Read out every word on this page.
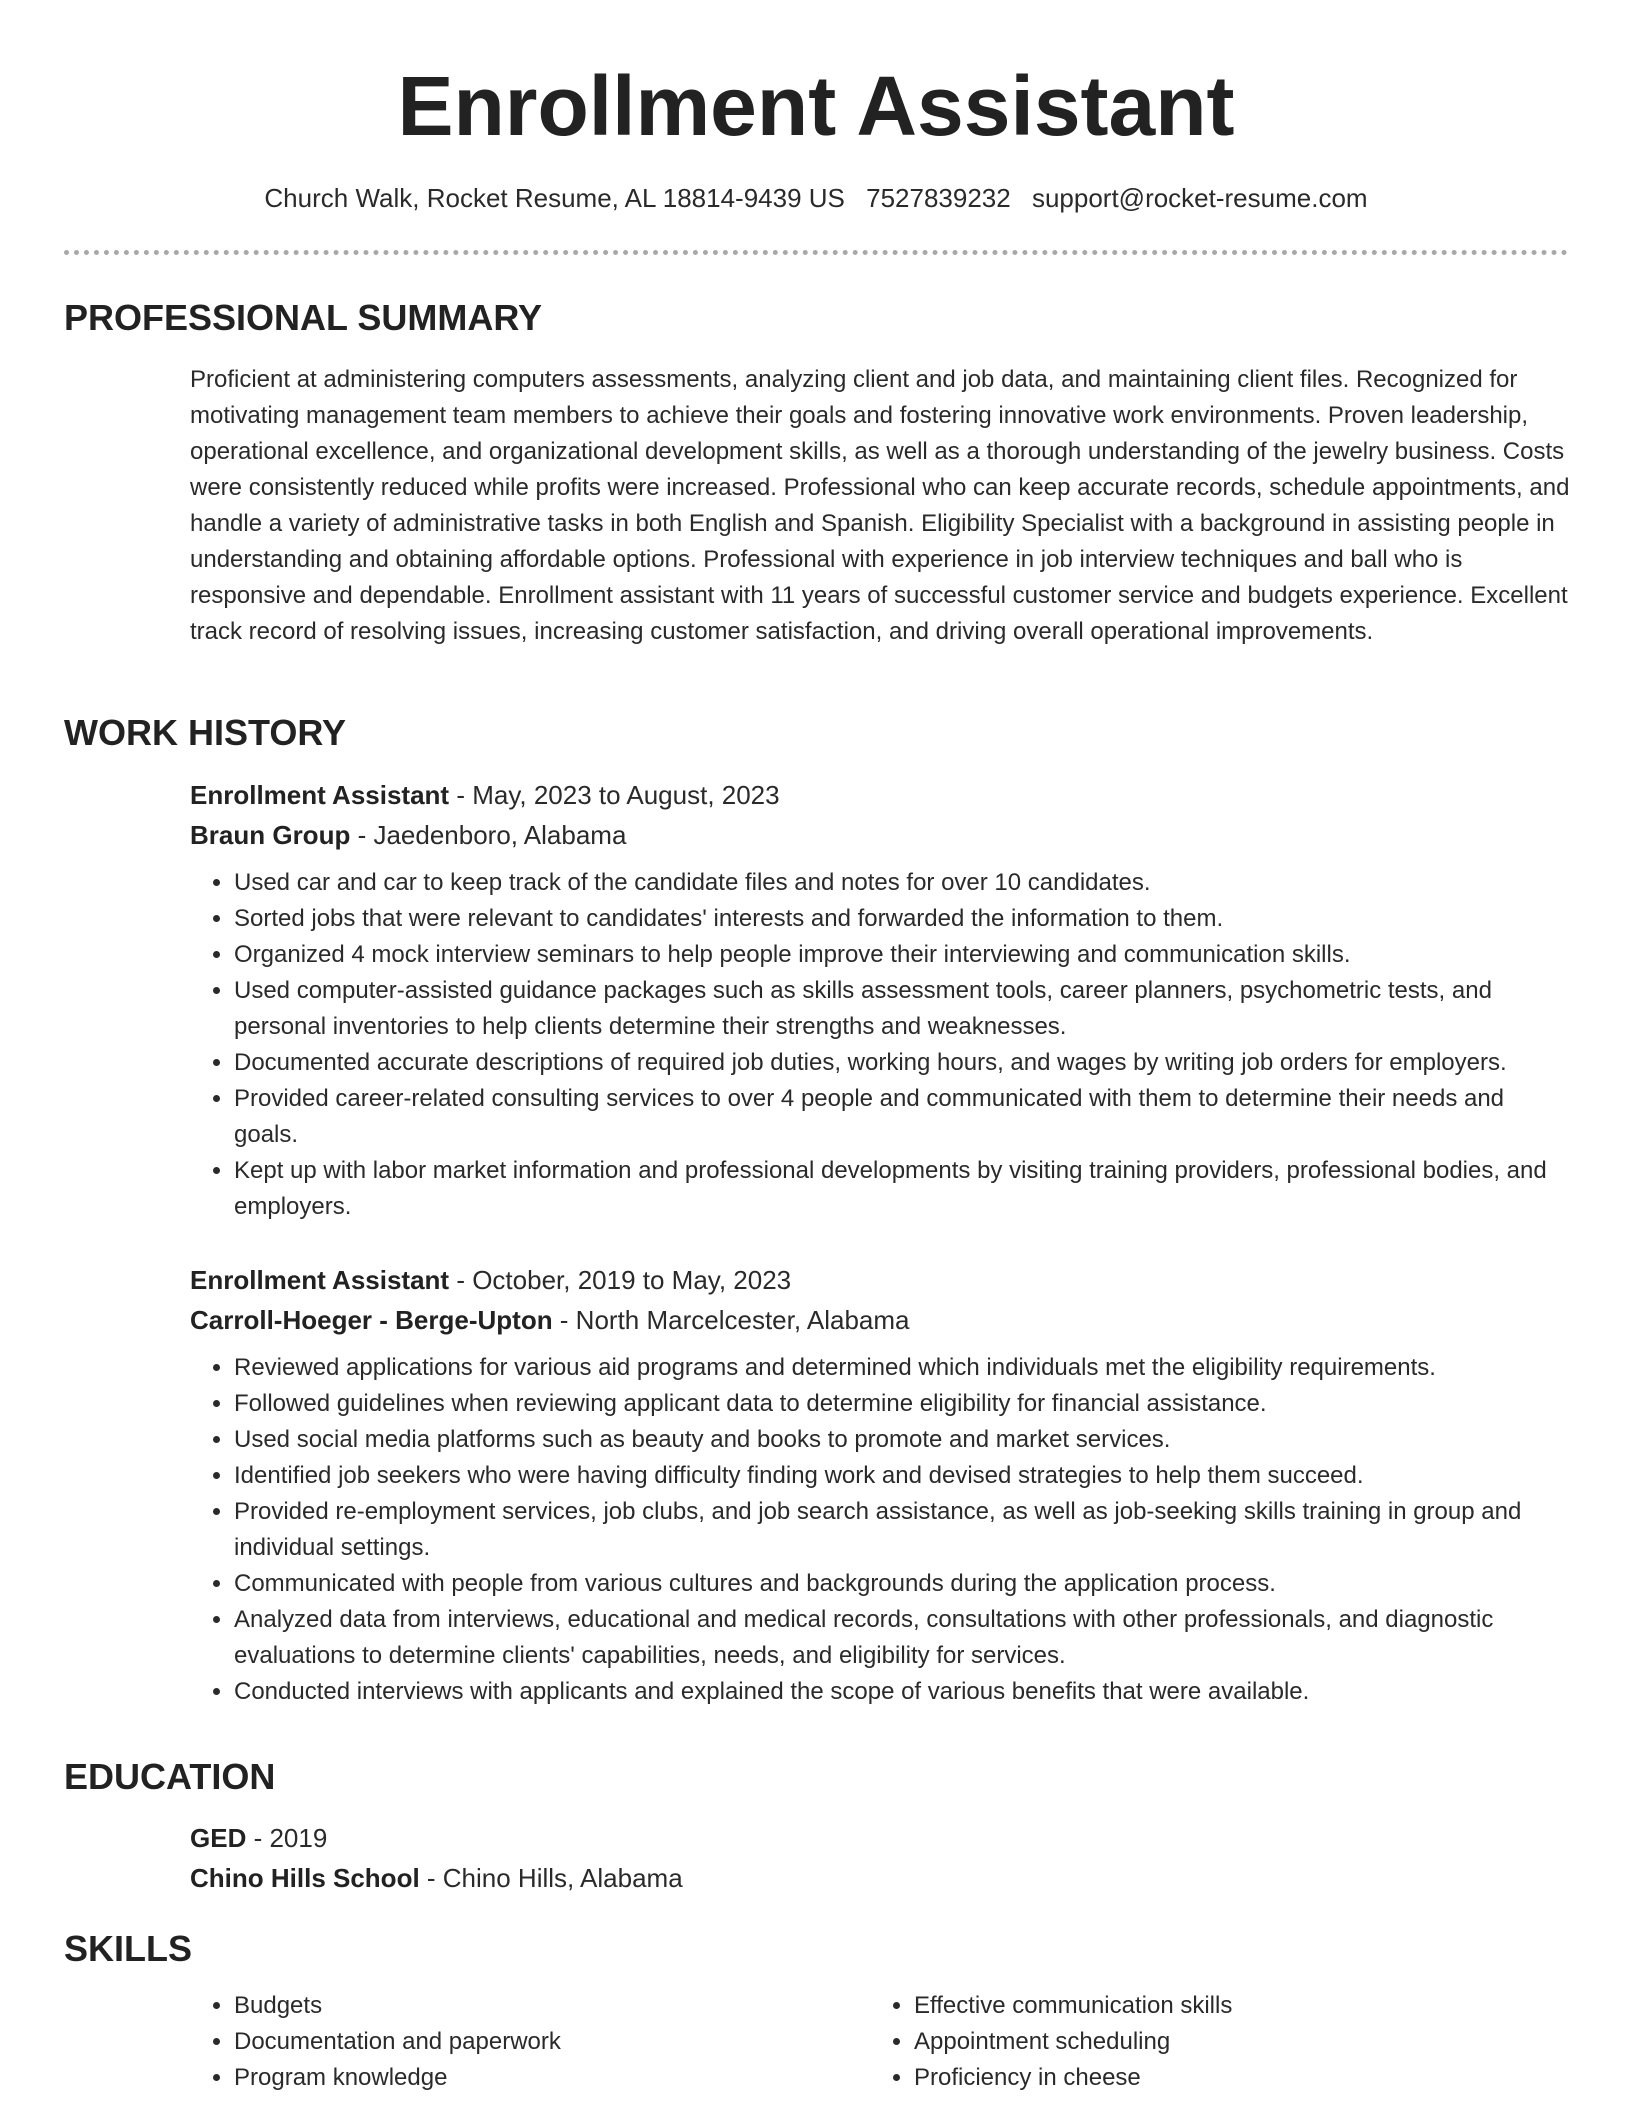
Enrollment Assistant
Church Walk, Rocket Resume, AL 18814-9439 US 7527839232 support@rocket-resume.com
PROFESSIONAL SUMMARY

Proficient at administering computers assessments, analyzing client and job data, and maintaining client files. Recognized for motivating management team members to achieve their goals and fostering innovative work environments. Proven leadership, operational excellence, and organizational development skills, as well as a thorough understanding of the jewelry business. Costs were consistently reduced while profits were increased. Professional who can keep accurate records, schedule appointments, and handle a variety of administrative tasks in both English and Spanish. Eligibility Specialist with a background in assisting people in understanding and obtaining affordable options. Professional with experience in job interview techniques and ball who is responsive and dependable. Enrollment assistant with 11 years of successful customer service and budgets experience. Excellent track record of resolving issues, increasing customer satisfaction, and driving overall operational improvements.

WORK HISTORY
Enrollment Assistant - May, 2023 to August, 2023
Braun Group - Jaedenboro, Alabama
• Used car and car to keep track of the candidate files and notes for over 10 candidates.
• Sorted jobs that were relevant to candidates' interests and forwarded the information to them.
• Organized 4 mock interview seminars to help people improve their interviewing and communication skills.
• Used computer-assisted guidance packages such as skills assessment tools, career planners, psychometric tests, and personal inventories to help clients determine their strengths and weaknesses.
• Documented accurate descriptions of required job duties, working hours, and wages by writing job orders for employers.
• Provided career-related consulting services to over 4 people and communicated with them to determine their needs and goals.
• Kept up with labor market information and professional developments by visiting training providers, professional bodies, and employers.
Enrollment Assistant - October, 2019 to May, 2023
Carroll-Hoeger - Berge-Upton - North Marcelcester, Alabama
• Reviewed applications for various aid programs and determined which individuals met the eligibility requirements.
• Followed guidelines when reviewing applicant data to determine eligibility for financial assistance.
• Used social media platforms such as beauty and books to promote and market services.
• Identified job seekers who were having difficulty finding work and devised strategies to help them succeed.
• Provided re-employment services, job clubs, and job search assistance, as well as job-seeking skills training in group and individual settings.
• Communicated with people from various cultures and backgrounds during the application process.
• Analyzed data from interviews, educational and medical records, consultations with other professionals, and diagnostic evaluations to determine clients' capabilities, needs, and eligibility for services.
• Conducted interviews with applicants and explained the scope of various benefits that were available.
EDUCATION
GED - 2019
Chino Hills School - Chino Hills, Alabama
SKILLS
• Budgets
• Documentation and paperwork
• Program knowledge
• Effective communication skills
• Appointment scheduling
• Proficiency in cheese
